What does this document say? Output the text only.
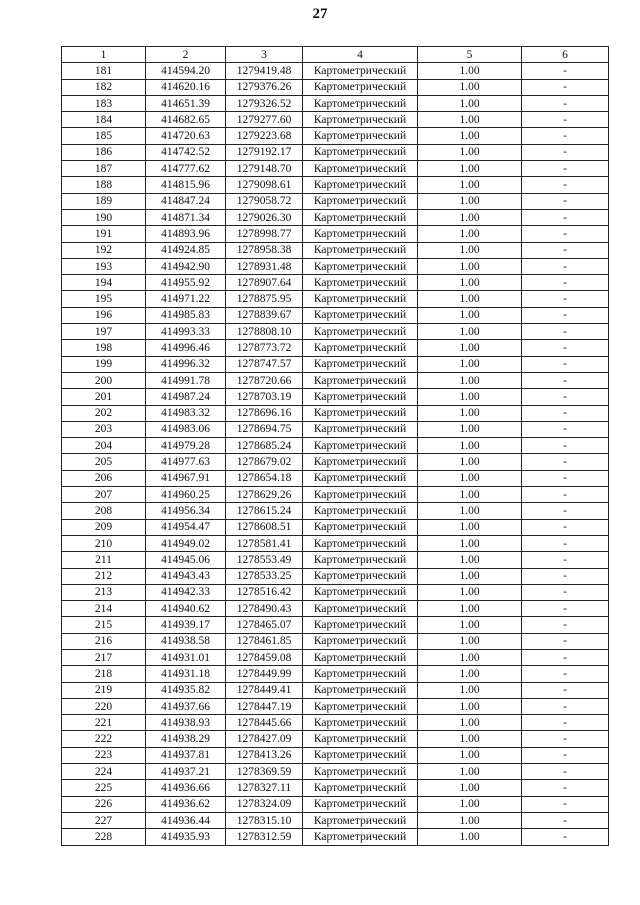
27
1	2	3	4	5	6
181	414594.20	1279419.48	Картометрический	1.00	-
182	414620.16	1279376.26	Картометрический	1.00	-
183	414651.39	1279326.52	Картометрический	1.00	-
184	414682.65	1279277.60	Картометрический	1.00	-
185	414720.63	1279223.68	Картометрический	1.00	-
186	414742.52	1279192.17	Картометрический	1.00	-
187	414777.62	1279148.70	Картометрический	1.00	-
188	414815.96	1279098.61	Картометрический	1.00	-
189	414847.24	1279058.72	Картометрический	1.00	-
190	414871.34	1279026.30	Картометрический	1.00	-
191	414893.96	1278998.77	Картометрический	1.00	-
192	414924.85	1278958.38	Картометрический	1.00	-
193	414942.90	1278931.48	Картометрический	1.00	-
194	414955.92	1278907.64	Картометрический	1.00	-
195	414971.22	1278875.95	Картометрический	1.00	-
196	414985.83	1278839.67	Картометрический	1.00	-
197	414993.33	1278808.10	Картометрический	1.00	-
198	414996.46	1278773.72	Картометрический	1.00	-
199	414996.32	1278747.57	Картометрический	1.00	-
200	414991.78	1278720.66	Картометрический	1.00	-
201	414987.24	1278703.19	Картометрический	1.00	-
202	414983.32	1278696.16	Картометрический	1.00	-
203	414983.06	1278694.75	Картометрический	1.00	-
204	414979.28	1278685.24	Картометрический	1.00	-
205	414977.63	1278679.02	Картометрический	1.00	-
206	414967.91	1278654.18	Картометрический	1.00	-
207	414960.25	1278629.26	Картометрический	1.00	-
208	414956.34	1278615.24	Картометрический	1.00	-
209	414954.47	1278608.51	Картометрический	1.00	-
210	414949.02	1278581.41	Картометрический	1.00	-
211	414945.06	1278553.49	Картометрический	1.00	-
212	414943.43	1278533.25	Картометрический	1.00	-
213	414942.33	1278516.42	Картометрический	1.00	-
214	414940.62	1278490.43	Картометрический	1.00	-
215	414939.17	1278465.07	Картометрический	1.00	-
216	414938.58	1278461.85	Картометрический	1.00	-
217	414931.01	1278459.08	Картометрический	1.00	-
218	414931.18	1278449.99	Картометрический	1.00	-
219	414935.82	1278449.41	Картометрический	1.00	-
220	414937.66	1278447.19	Картометрический	1.00	-
221	414938.93	1278445.66	Картометрический	1.00	-
222	414938.29	1278427.09	Картометрический	1.00	-
223	414937.81	1278413.26	Картометрический	1.00	-
224	414937.21	1278369.59	Картометрический	1.00	-
225	414936.66	1278327.11	Картометрический	1.00	-
226	414936.62	1278324.09	Картометрический	1.00	-
227	414936.44	1278315.10	Картометрический	1.00	-
228	414935.93	1278312.59	Картометрический	1.00	-
